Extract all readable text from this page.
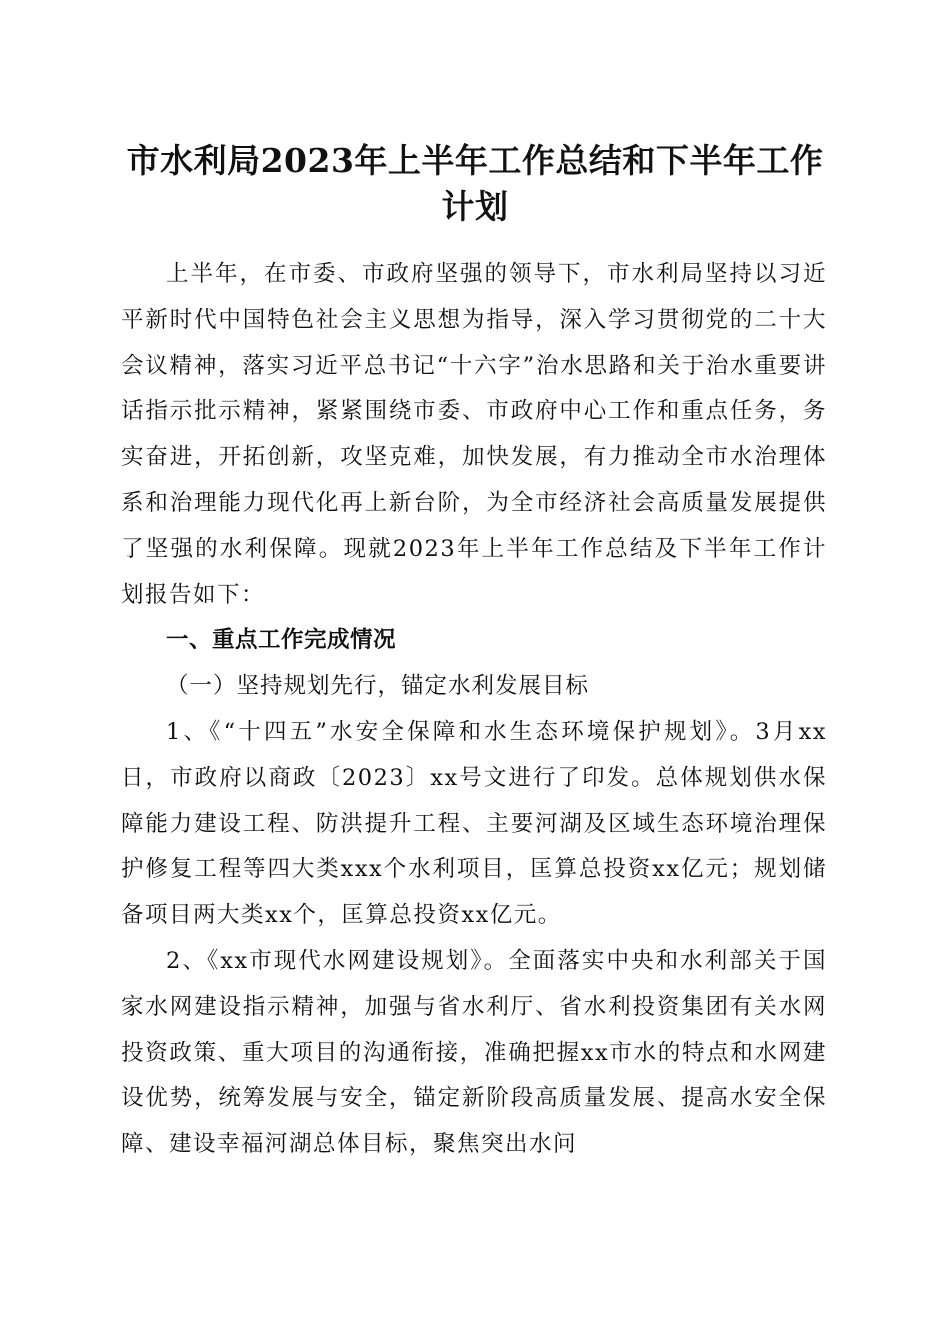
市水利局2023年上半年工作总结和下半年工作计划

上半年，在市委、市政府坚强的领导下，市水利局坚持以习近平新时代中国特色社会主义思想为指导，深入学习贯彻党的二十大会议精神，落实习近平总书记“十六字”治水思路和关于治水重要讲话指示批示精神，紧紧围绕市委、市政府中心工作和重点任务，务实奋进，开拓创新，攻坚克难，加快发展，有力推动全市水治理体系和治理能力现代化再上新台阶，为全市经济社会高质量发展提供了坚强的水利保障。现就2023年上半年工作总结及下半年工作计划报告如下：

一、重点工作完成情况

（一）坚持规划先行，锚定水利发展目标

1、《“十四五”水安全保障和水生态环境保护规划》。3月xx日，市政府以商政〔2023〕xx号文进行了印发。总体规划供水保障能力建设工程、防洪提升工程、主要河湖及区域生态环境治理保护修复工程等四大类xxx个水利项目，匡算总投资xx亿元；规划储备项目两大类xx个，匡算总投资xx亿元。

2、《xx市现代水网建设规划》。全面落实中央和水利部关于国家水网建设指示精神，加强与省水利厅、省水利投资集团有关水网投资政策、重大项目的沟通衔接，准确把握xx市水的特点和水网建设优势，统筹发展与安全，锚定新阶段高质量发展、提高水安全保障、建设幸福河湖总体目标，聚焦突出水问
